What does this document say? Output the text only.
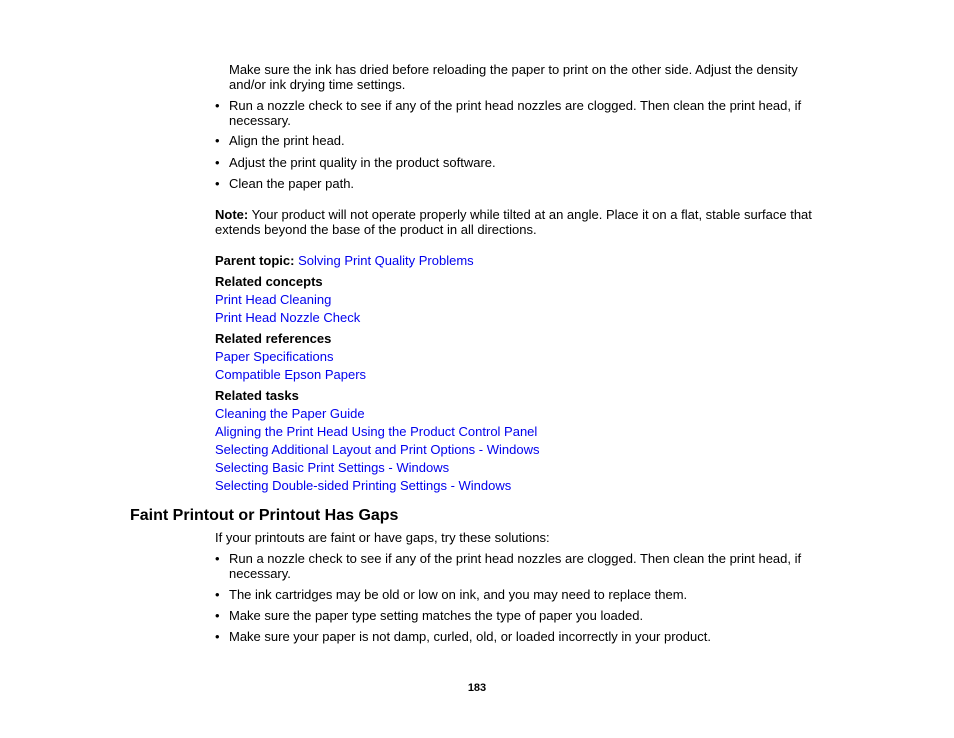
Make sure the ink has dried before reloading the paper to print on the other side. Adjust the density and/or ink drying time settings.
• Run a nozzle check to see if any of the print head nozzles are clogged. Then clean the print head, if necessary.
• Align the print head.
• Adjust the print quality in the product software.
• Clean the paper path.
Note: Your product will not operate properly while tilted at an angle. Place it on a flat, stable surface that extends beyond the base of the product in all directions.
Parent topic: Solving Print Quality Problems
Related concepts
Print Head Cleaning
Print Head Nozzle Check
Related references
Paper Specifications
Compatible Epson Papers
Related tasks
Cleaning the Paper Guide
Aligning the Print Head Using the Product Control Panel
Selecting Additional Layout and Print Options - Windows
Selecting Basic Print Settings - Windows
Selecting Double-sided Printing Settings - Windows
Faint Printout or Printout Has Gaps
If your printouts are faint or have gaps, try these solutions:
• Run a nozzle check to see if any of the print head nozzles are clogged. Then clean the print head, if necessary.
• The ink cartridges may be old or low on ink, and you may need to replace them.
• Make sure the paper type setting matches the type of paper you loaded.
• Make sure your paper is not damp, curled, old, or loaded incorrectly in your product.
183
